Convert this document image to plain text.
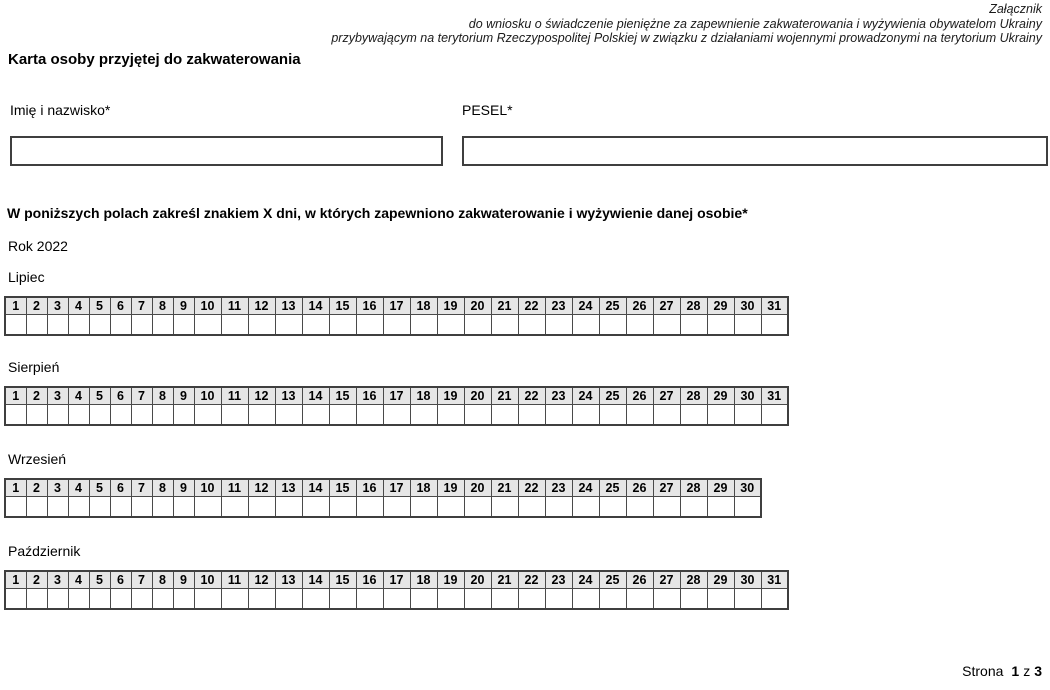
Załącznik
do wniosku o świadczenie pieniężne za zapewnienie zakwaterowania i wyżywienia obywatelom Ukrainy
przybywającym na terytorium Rzeczypospolitej Polskiej w związku z działaniami wojennymi prowadzonymi na terytorium Ukrainy
Karta osoby przyjętej do zakwaterowania
Imię i nazwisko*	PESEL*
W poniższych polach zakreśl znakiem X dni, w których zapewniono zakwaterowanie i wyżywienie danej osobie*
Rok 2022
Lipiec
1	2	3	4	5	6	7	8	9	10	11	12	13	14	15	16	17	18	19	20	21	22	23	24	25	26	27	28	29	30	31

Sierpień
1	2	3	4	5	6	7	8	9	10	11	12	13	14	15	16	17	18	19	20	21	22	23	24	25	26	27	28	29	30	31

Wrzesień
1	2	3	4	5	6	7	8	9	10	11	12	13	14	15	16	17	18	19	20	21	22	23	24	25	26	27	28	29	30

Październik
1	2	3	4	5	6	7	8	9	10	11	12	13	14	15	16	17	18	19	20	21	22	23	24	25	26	27	28	29	30	31

Strona 1 z 3
